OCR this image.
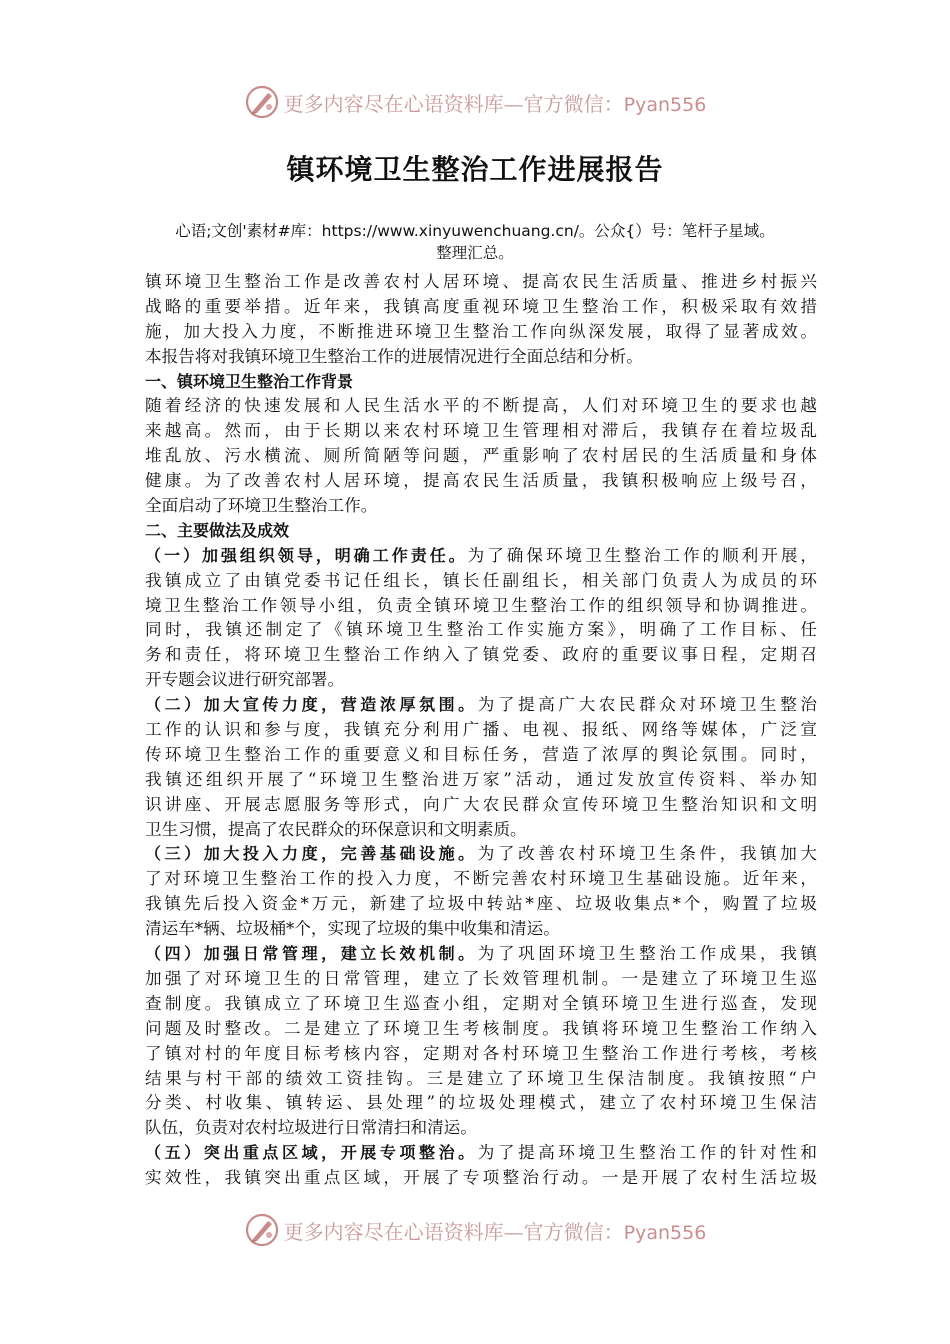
更多内容尽在心语资料库—官方微信：Pyan556
镇环境卫生整治工作进展报告
心语;文创'素材#库：https://www.xinyuwenchuang.cn/。公众{）号：笔杆子星域。
整理汇总。
镇环境卫生整治工作是改善农村人居环境、提高农民生活质量、推进乡村振兴
战略的重要举措。近年来，我镇高度重视环境卫生整治工作，积极采取有效措
施，加大投入力度，不断推进环境卫生整治工作向纵深发展，取得了显著成效。
本报告将对我镇环境卫生整治工作的进展情况进行全面总结和分析。
一、镇环境卫生整治工作背景
随着经济的快速发展和人民生活水平的不断提高，人们对环境卫生的要求也越
来越高。然而，由于长期以来农村环境卫生管理相对滞后，我镇存在着垃圾乱
堆乱放、污水横流、厕所简陋等问题，严重影响了农村居民的生活质量和身体
健康。为了改善农村人居环境，提高农民生活质量，我镇积极响应上级号召，
全面启动了环境卫生整治工作。
二、主要做法及成效
（一）加强组织领导，明确工作责任。为了确保环境卫生整治工作的顺利开展，
我镇成立了由镇党委书记任组长，镇长任副组长，相关部门负责人为成员的环
境卫生整治工作领导小组，负责全镇环境卫生整治工作的组织领导和协调推进。
同时，我镇还制定了《镇环境卫生整治工作实施方案》，明确了工作目标、任
务和责任，将环境卫生整治工作纳入了镇党委、政府的重要议事日程，定期召
开专题会议进行研究部署。
（二）加大宣传力度，营造浓厚氛围。为了提高广大农民群众对环境卫生整治
工作的认识和参与度，我镇充分利用广播、电视、报纸、网络等媒体，广泛宣
传环境卫生整治工作的重要意义和目标任务，营造了浓厚的舆论氛围。同时，
我镇还组织开展了“环境卫生整治进万家”活动，通过发放宣传资料、举办知
识讲座、开展志愿服务等形式，向广大农民群众宣传环境卫生整治知识和文明
卫生习惯，提高了农民群众的环保意识和文明素质。
（三）加大投入力度，完善基础设施。为了改善农村环境卫生条件，我镇加大
了对环境卫生整治工作的投入力度，不断完善农村环境卫生基础设施。近年来，
我镇先后投入资金*万元，新建了垃圾中转站*座、垃圾收集点*个，购置了垃圾
清运车*辆、垃圾桶*个，实现了垃圾的集中收集和清运。
（四）加强日常管理，建立长效机制。为了巩固环境卫生整治工作成果，我镇
加强了对环境卫生的日常管理，建立了长效管理机制。一是建立了环境卫生巡
查制度。我镇成立了环境卫生巡查小组，定期对全镇环境卫生进行巡查，发现
问题及时整改。二是建立了环境卫生考核制度。我镇将环境卫生整治工作纳入
了镇对村的年度目标考核内容，定期对各村环境卫生整治工作进行考核，考核
结果与村干部的绩效工资挂钩。三是建立了环境卫生保洁制度。我镇按照“户
分类、村收集、镇转运、县处理”的垃圾处理模式，建立了农村环境卫生保洁
队伍，负责对农村垃圾进行日常清扫和清运。
（五）突出重点区域，开展专项整治。为了提高环境卫生整治工作的针对性和
实效性，我镇突出重点区域，开展了专项整治行动。一是开展了农村生活垃圾
更多内容尽在心语资料库—官方微信：Pyan556
